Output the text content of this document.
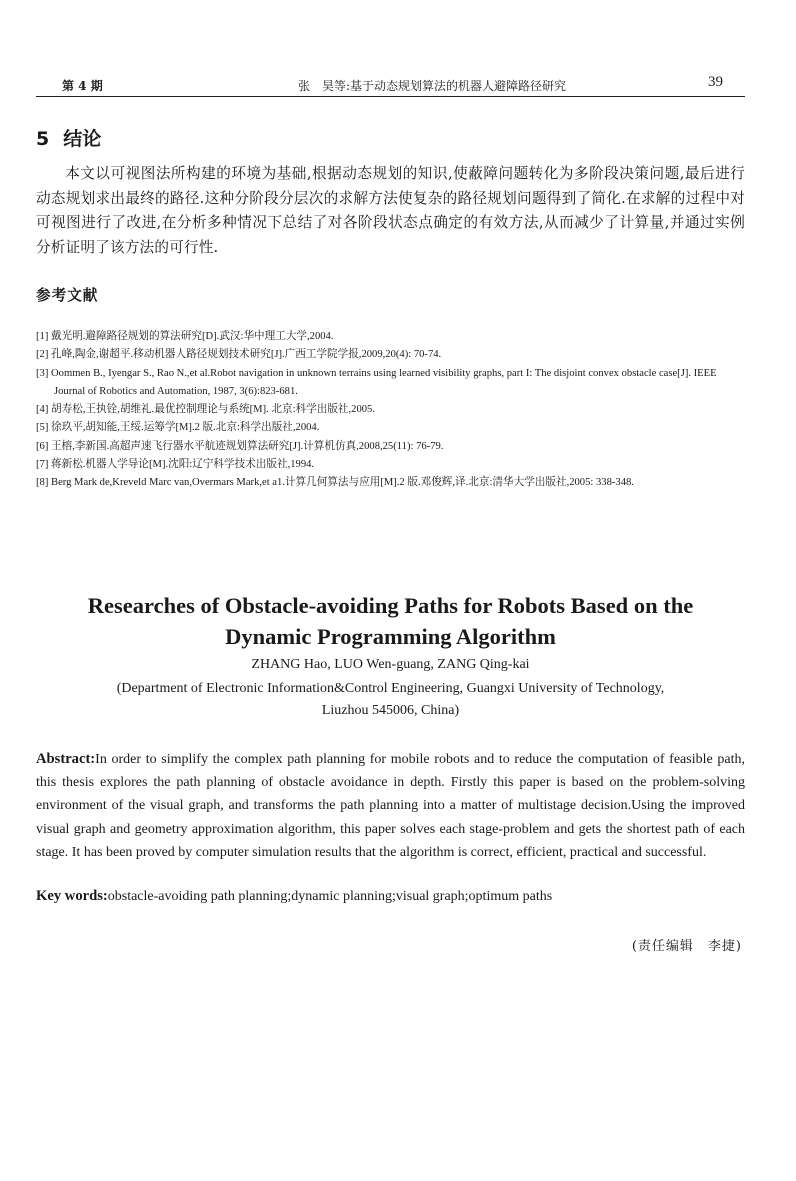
第 4 期	张　昊等:基于动态规划算法的机器人避障路径研究	39
5 结论

本文以可视图法所构建的环境为基础,根据动态规划的知识,使蔽障问题转化为多阶段决策问题,最后进行动态规划求出最终的路径.这种分阶段分层次的求解方法使复杂的路径规划问题得到了简化.在求解的过程中对可视图进行了改进,在分析多种情况下总结了对各阶段状态点确定的有效方法,从而减少了计算量,并通过实例分析证明了该方法的可行性.

参考文献
[1] 戴光明.避障路径规划的算法研究[D].武汉:华中理工大学,2004.
[2] 孔峰,陶金,谢超平.移动机器人路径规划技术研究[J].广西工学院学报,2009,20(4): 70-74.
[3] Oommen B., Iyengar S., Rao N.,et al.Robot navigation in unknown terrains using learned visibility graphs, part I: The disjoint convex obstacle case[J]. IEEE Journal of Robotics and Automation, 1987, 3(6):823-681.
[4] 胡寿松,王执铨,胡维礼.最优控制理论与系统[M]. 北京:科学出版社,2005.
[5] 徐玖平,胡知能,王绥.运筹学[M].2 版.北京:科学出版社,2004.
[6] 王榕,李新国.高超声速飞行器水平航迹规划算法研究[J].计算机仿真,2008,25(11): 76-79.
[7] 蒋新松.机器人学导论[M].沈阳:辽宁科学技术出版社,1994.
[8] Berg Mark de,Kreveld Marc van,Overmars Mark,et a1.计算几何算法与应用[M].2 版.邓俊辉,译.北京:清华大学出版社,2005: 338-348.
Researches of Obstacle-avoiding Paths for Robots Based on the
Dynamic Programming Algorithm
ZHANG Hao, LUO Wen-guang, ZANG Qing-kai
(Department of Electronic Information&Control Engineering, Guangxi University of Technology,
Liuzhou 545006, China)
Abstract:In order to simplify the complex path planning for mobile robots and to reduce the computation of feasible path, this thesis explores the path planning of obstacle avoidance in depth. Firstly this paper is based on the problem-solving environment of the visual graph, and transforms the path planning into a matter of multistage decision.Using the improved visual graph and geometry approximation algorithm, this paper solves each stage-problem and gets the shortest path of each stage. It has been proved by computer simulation results that the algorithm is correct, efficient, practical and successful.
Key words:obstacle-avoiding path planning;dynamic planning;visual graph;optimum paths
(责任编辑　李捷)
